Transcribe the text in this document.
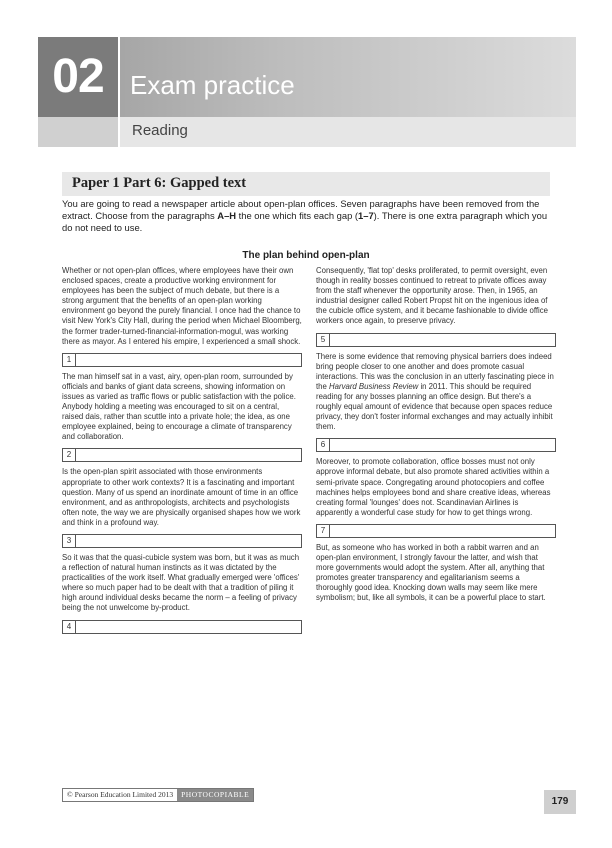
02	Exam practice
Reading
Paper 1 Part 6: Gapped text
You are going to read a newspaper article about open-plan offices. Seven paragraphs have been removed from the extract. Choose from the paragraphs A–H the one which fits each gap (1–7). There is one extra paragraph which you do not need to use.
The plan behind open-plan

Whether or not open-plan offices, where employees have their own enclosed spaces, create a productive working environment for employees has been the subject of much debate, but there is a strong argument that the benefits of an open-plan working environment go beyond the purely financial. I once had the chance to visit New York's City Hall, during the period when Michael Bloomberg, the former trader-turned-financial-information-mogul, was working there as mayor. As I entered his empire, I experienced a small shock.

1

The man himself sat in a vast, airy, open-plan room, surrounded by officials and banks of giant data screens, showing information on issues as varied as traffic flows or public satisfaction with the police. Anybody holding a meeting was encouraged to sit on a central, raised dais, rather than scuttle into a private hole; the idea, as one employee explained, being to encourage a climate of transparency and collaboration.

2

Is the open-plan spirit associated with those environments appropriate to other work contexts? It is a fascinating and important question. Many of us spend an inordinate amount of time in an office environment, and as anthropologists, architects and psychologists often note, the way we are physically organised shapes how we work and think in a profound way.

3

So it was that the quasi-cubicle system was born, but it was as much a reflection of natural human instincts as it was dictated by the practicalities of the work itself. What gradually emerged were 'offices' where so much paper had to be dealt with that a tradition of piling it high around individual desks became the norm – a feeling of privacy being the not unwelcome by-product.

4

Consequently, 'flat top' desks proliferated, to permit oversight, even though in reality bosses continued to retreat to private offices away from the staff whenever the opportunity arose. Then, in 1965, an industrial designer called Robert Propst hit on the ingenious idea of the cubicle office system, and it became fashionable to divide office workers once again, to preserve privacy.

5

There is some evidence that removing physical barriers does indeed bring people closer to one another and does promote casual interactions. This was the conclusion in an utterly fascinating piece in the Harvard Business Review in 2011. This should be required reading for any bosses planning an office design. But there's a roughly equal amount of evidence that because open spaces reduce privacy, they don't foster informal exchanges and may actually inhibit them.

6

Moreover, to promote collaboration, office bosses must not only approve informal debate, but also promote shared activities within a semi-private space. Congregating around photocopiers and coffee machines helps employees bond and share creative ideas, whereas creating formal 'lounges' does not. Scandinavian Airlines is apparently a wonderful case study for how to get things wrong.

7

But, as someone who has worked in both a rabbit warren and an open-plan environment, I strongly favour the latter, and wish that more governments would adopt the system. After all, anything that promotes greater transparency and egalitarianism seems a thoroughly good idea. Knocking down walls may seem like mere symbolism; but, like all symbols, it can be a powerful place to start.

© Pearson Education Limited 2013	PHOTOCOPIABLE
179
